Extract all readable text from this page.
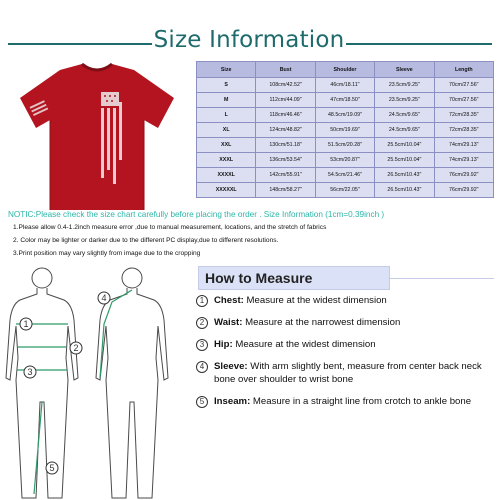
Size Information
Size	Bust	Shoulder	Sleeve	Length
S	108cm/42.52"	46cm/18.11"	23.5cm/9.25"	70cm/27.56"
M	112cm/44.09"	47cm/18.50"	23.5cm/9.25"	70cm/27.56"
L	118cm/46.46"	48.5cm/19.09"	24.5cm/9.65"	72cm/28.35"
XL	124cm/48.82"	50cm/19.69"	24.5cm/9.65"	72cm/28.35"
XXL	130cm/51.18"	51.5cm/20.28"	25.5cm/10.04"	74cm/29.13"
XXXL	136cm/53.54"	53cm/20.87"	25.5cm/10.04"	74cm/29.13"
XXXXL	142cm/55.91"	54.5cm/21.46"	26.5cm/10.43"	76cm/29.92"
XXXXXL	148cm/58.27"	56cm/22.05"	26.5cm/10.43"	76cm/29.92"
NOTIC:Please check the size chart carefully before placing the order . Size Information (1cm=0.39inch )
1.Please allow 0.4-1.2inch measure error ,due to manual measurement, locations, and the stretch of fabrics
2. Color may be lighter or darker due to the different PC display,due to different resolutions.
3.Print position may vary slightly from image due to the cropping
1
2
3
4
5
How to Measure
1	Chest: Measure at the widest dimension
2	Waist: Measure at the narrowest dimension
3	Hip: Measure at the widest dimension
4	Sleeve: With arm slightly bent, measure from center back neck bone over shoulder to wrist bone
5	Inseam: Measure in a straight line from crotch to ankle bone
